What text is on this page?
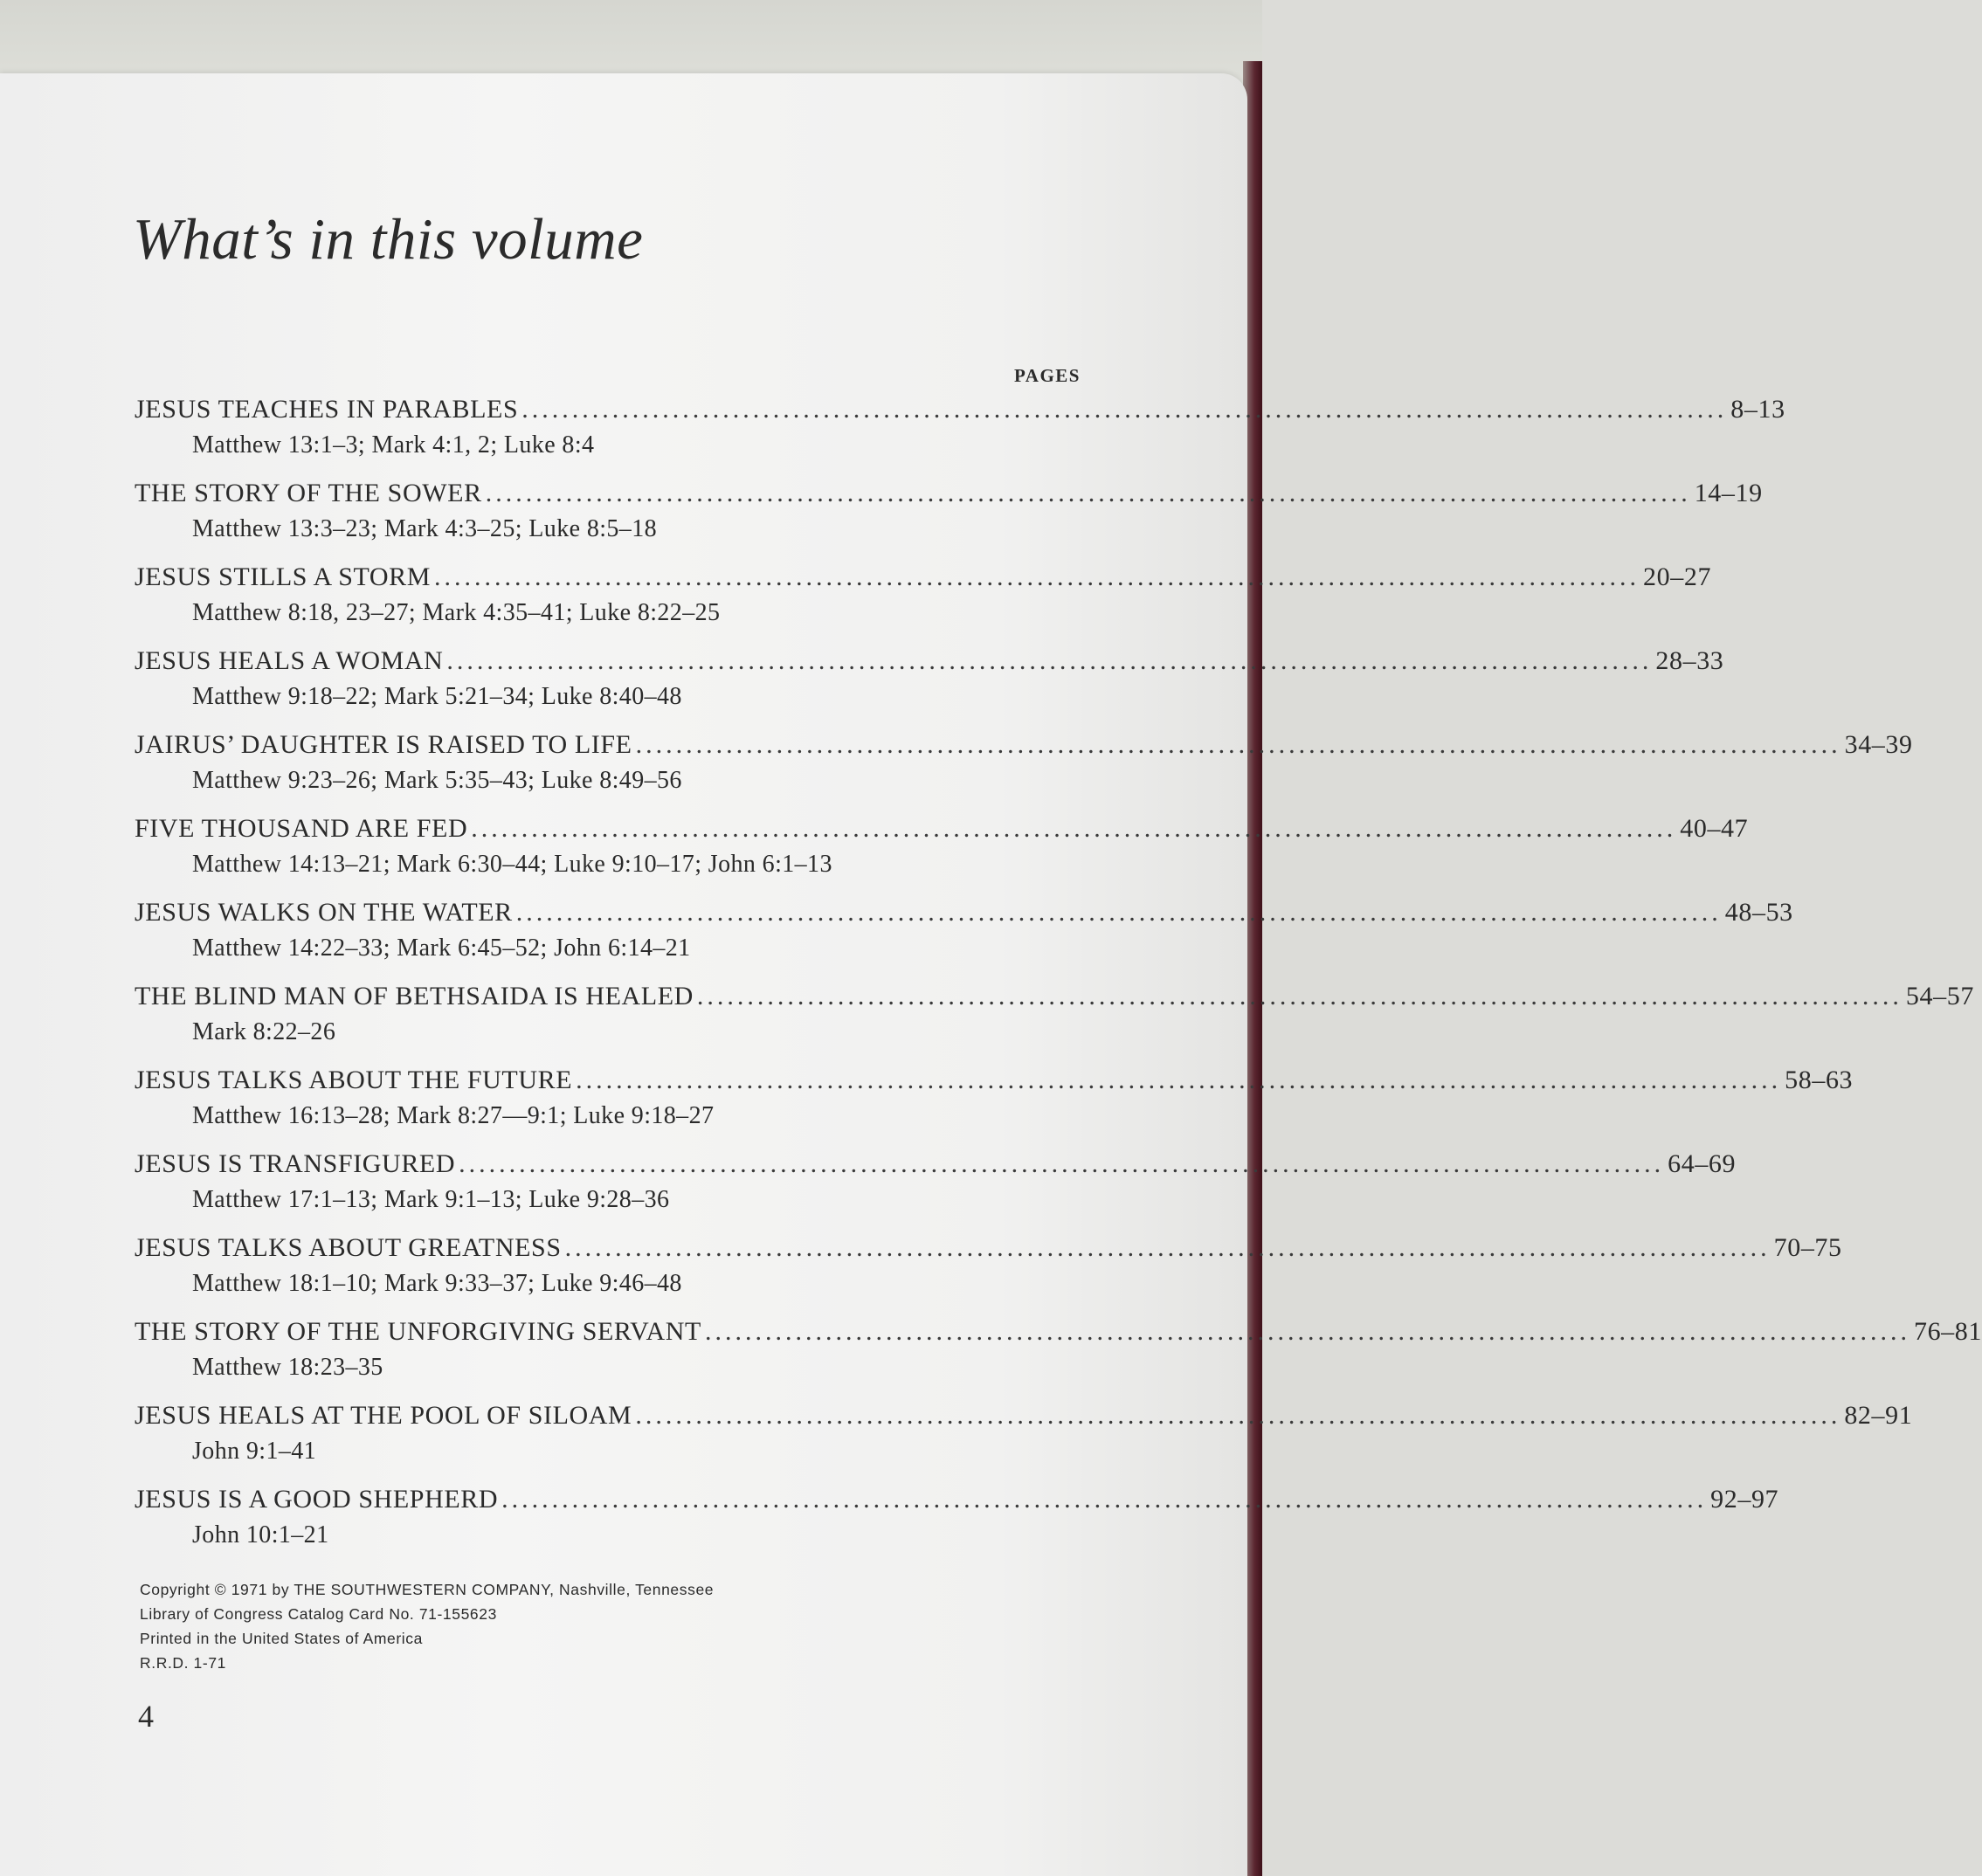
What’s in this volume
PAGES
JESUS TEACHES IN PARABLES ........................................................................................................................ 8–13
Matthew 13:1–3; Mark 4:1, 2; Luke 8:4
THE STORY OF THE SOWER ........................................................................................................................ 14–19
Matthew 13:3–23; Mark 4:3–25; Luke 8:5–18
JESUS STILLS A STORM ........................................................................................................................ 20–27
Matthew 8:18, 23–27; Mark 4:35–41; Luke 8:22–25
JESUS HEALS A WOMAN ........................................................................................................................ 28–33
Matthew 9:18–22; Mark 5:21–34; Luke 8:40–48
JAIRUS’ DAUGHTER IS RAISED TO LIFE ........................................................................................................................ 34–39
Matthew 9:23–26; Mark 5:35–43; Luke 8:49–56
FIVE THOUSAND ARE FED ........................................................................................................................ 40–47
Matthew 14:13–21; Mark 6:30–44; Luke 9:10–17; John 6:1–13
JESUS WALKS ON THE WATER ........................................................................................................................ 48–53
Matthew 14:22–33; Mark 6:45–52; John 6:14–21
THE BLIND MAN OF BETHSAIDA IS HEALED ........................................................................................................................ 54–57
Mark 8:22–26
JESUS TALKS ABOUT THE FUTURE ........................................................................................................................ 58–63
Matthew 16:13–28; Mark 8:27—9:1; Luke 9:18–27
JESUS IS TRANSFIGURED ........................................................................................................................ 64–69
Matthew 17:1–13; Mark 9:1–13; Luke 9:28–36
JESUS TALKS ABOUT GREATNESS ........................................................................................................................ 70–75
Matthew 18:1–10; Mark 9:33–37; Luke 9:46–48
THE STORY OF THE UNFORGIVING SERVANT ........................................................................................................................ 76–81
Matthew 18:23–35
JESUS HEALS AT THE POOL OF SILOAM ........................................................................................................................ 82–91
John 9:1–41
JESUS IS A GOOD SHEPHERD ........................................................................................................................ 92–97
John 10:1–21
Copyright © 1971 by THE SOUTHWESTERN COMPANY, Nashville, Tennessee
Library of Congress Catalog Card No. 71-155623
Printed in the United States of America
R.R.D. 1-71
4
